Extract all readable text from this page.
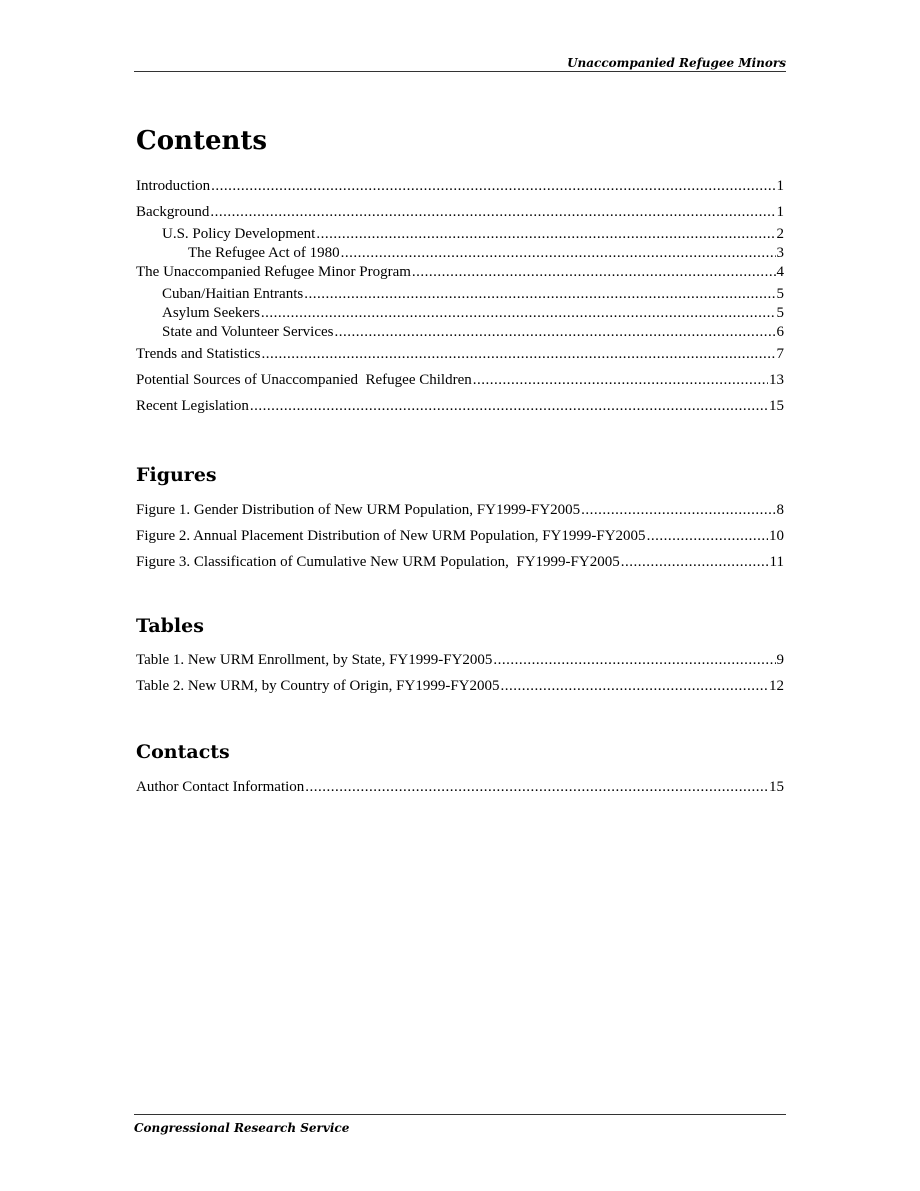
Unaccompanied Refugee Minors
Contents
Introduction .....	1
Background .....	1
U.S. Policy Development .....	2
The Refugee Act of 1980 .....	3
The Unaccompanied Refugee Minor Program .....	4
Cuban/Haitian Entrants .....	5
Asylum Seekers .....	5
State and Volunteer Services .....	6
Trends and Statistics .....	7
Potential Sources of Unaccompanied  Refugee Children .....	13
Recent Legislation .....	15
Figures
Figure 1. Gender Distribution of New URM Population, FY1999-FY2005 .....	8
Figure 2. Annual Placement Distribution of New URM Population, FY1999-FY2005 .....	10
Figure 3. Classification of Cumulative New URM Population,  FY1999-FY2005 .....	11
Tables
Table 1. New URM Enrollment, by State, FY1999-FY2005 .....	9
Table 2. New URM, by Country of Origin, FY1999-FY2005 .....	12
Contacts
Author Contact Information .....	15
Congressional Research Service
